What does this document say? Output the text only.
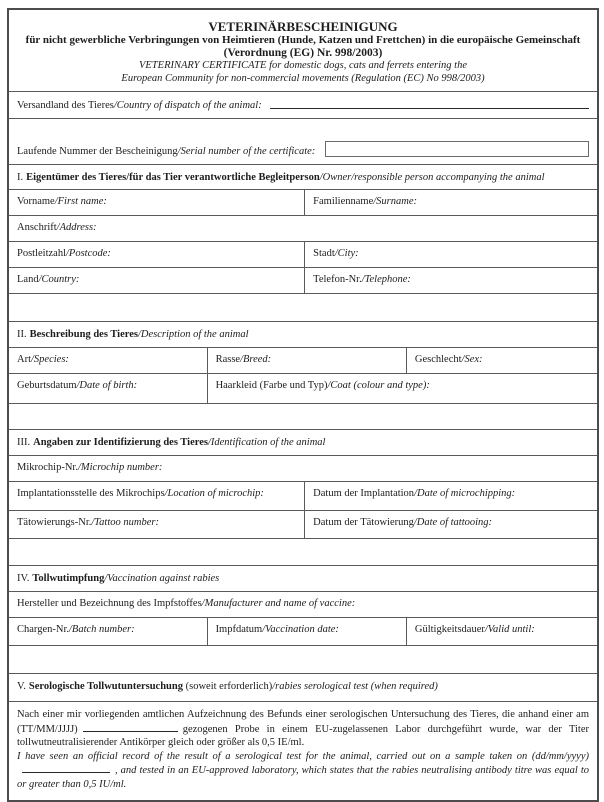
VETERINÄRBESCHEINIGUNG
für nicht gewerbliche Verbringungen von Heimtieren (Hunde, Katzen und Frettchen) in die europäische Gemeinschaft
(Verordnung (EG) Nr. 998/2003)
VETERINARY CERTIFICATE for domestic dogs, cats and ferrets entering the
European Community for non-commercial movements (Regulation (EC) No 998/2003)
Versandland des Tieres/Country of dispatch of the animal:
Laufende Nummer der Bescheinigung/Serial number of the certificate:
I. Eigentümer des Tieres/für das Tier verantwortliche Begleitperson/Owner/responsible person accompanying the animal
Vorname/First name:	Familienname/Surname:
Anschrift/Address:
Postleitzahl/Postcode:	Stadt/City:
Land/Country:	Telefon-Nr./Telephone:
II. Beschreibung des Tieres/Description of the animal
Art/Species:	Rasse/Breed:	Geschlecht/Sex:
Geburtsdatum/Date of birth:	Haarkleid (Farbe und Typ)/Coat (colour and type):
III. Angaben zur Identifizierung des Tieres/Identification of the animal
Mikrochip-Nr./Microchip number:
Implantationsstelle des Mikrochips/Location of microchip:	Datum der Implantation/Date of microchipping:
Tätowierungs-Nr./Tattoo number:	Datum der Tätowierung/Date of tattooing:
IV. Tollwutimpfung/Vaccination against rabies
Hersteller und Bezeichnung des Impfstoffes/Manufacturer and name of vaccine:
Chargen-Nr./Batch number:	Impfdatum/Vaccination date:	Gültigkeitsdauer/Valid until:
V. Serologische Tollwutuntersuchung (soweit erforderlich)/rabies serological test (when required)
Nach einer mir vorliegenden amtlichen Aufzeichnung des Befunds einer serologischen Untersuchung des Tieres, die anhand einer am (TT/MM/JJJJ)	gezogenen Probe in einem EU-zugelassenen Labor durchgeführt wurde, war der Titer tollwutneutralisierender Antikörper gleich oder größer als 0,5 IE/ml.
I have seen an official record of the result of a serological test for the animal, carried out on a sample taken on (dd/mm/yyyy), and tested in an EU-approved laboratory, which states that the rabies neutralising antibody titre was equal to or greater than 0,5 IU/ml.
